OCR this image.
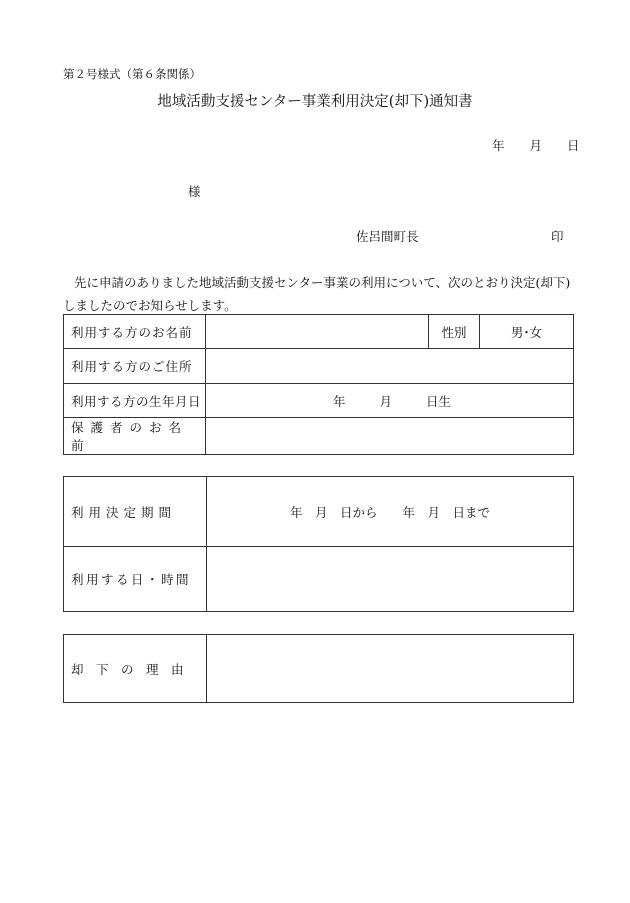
第２号様式（第６条関係）
地域活動支援センター事業利用決定(却下)通知書
年 月 日
様
佐呂間町長	印
先に申請のありました地域活動支援センター事業の利用について、次のとおり決定(却下)しましたのでお知らせします。
利用する方のお名前		性別	男･女
利用する方のご住所			
利用する方の生年月日	年 月 日生		
保護者のお名前			
利用決定期間	年　月　日から　　年　月　日まで
利用する日・時間	
却　下　の　理　由	
